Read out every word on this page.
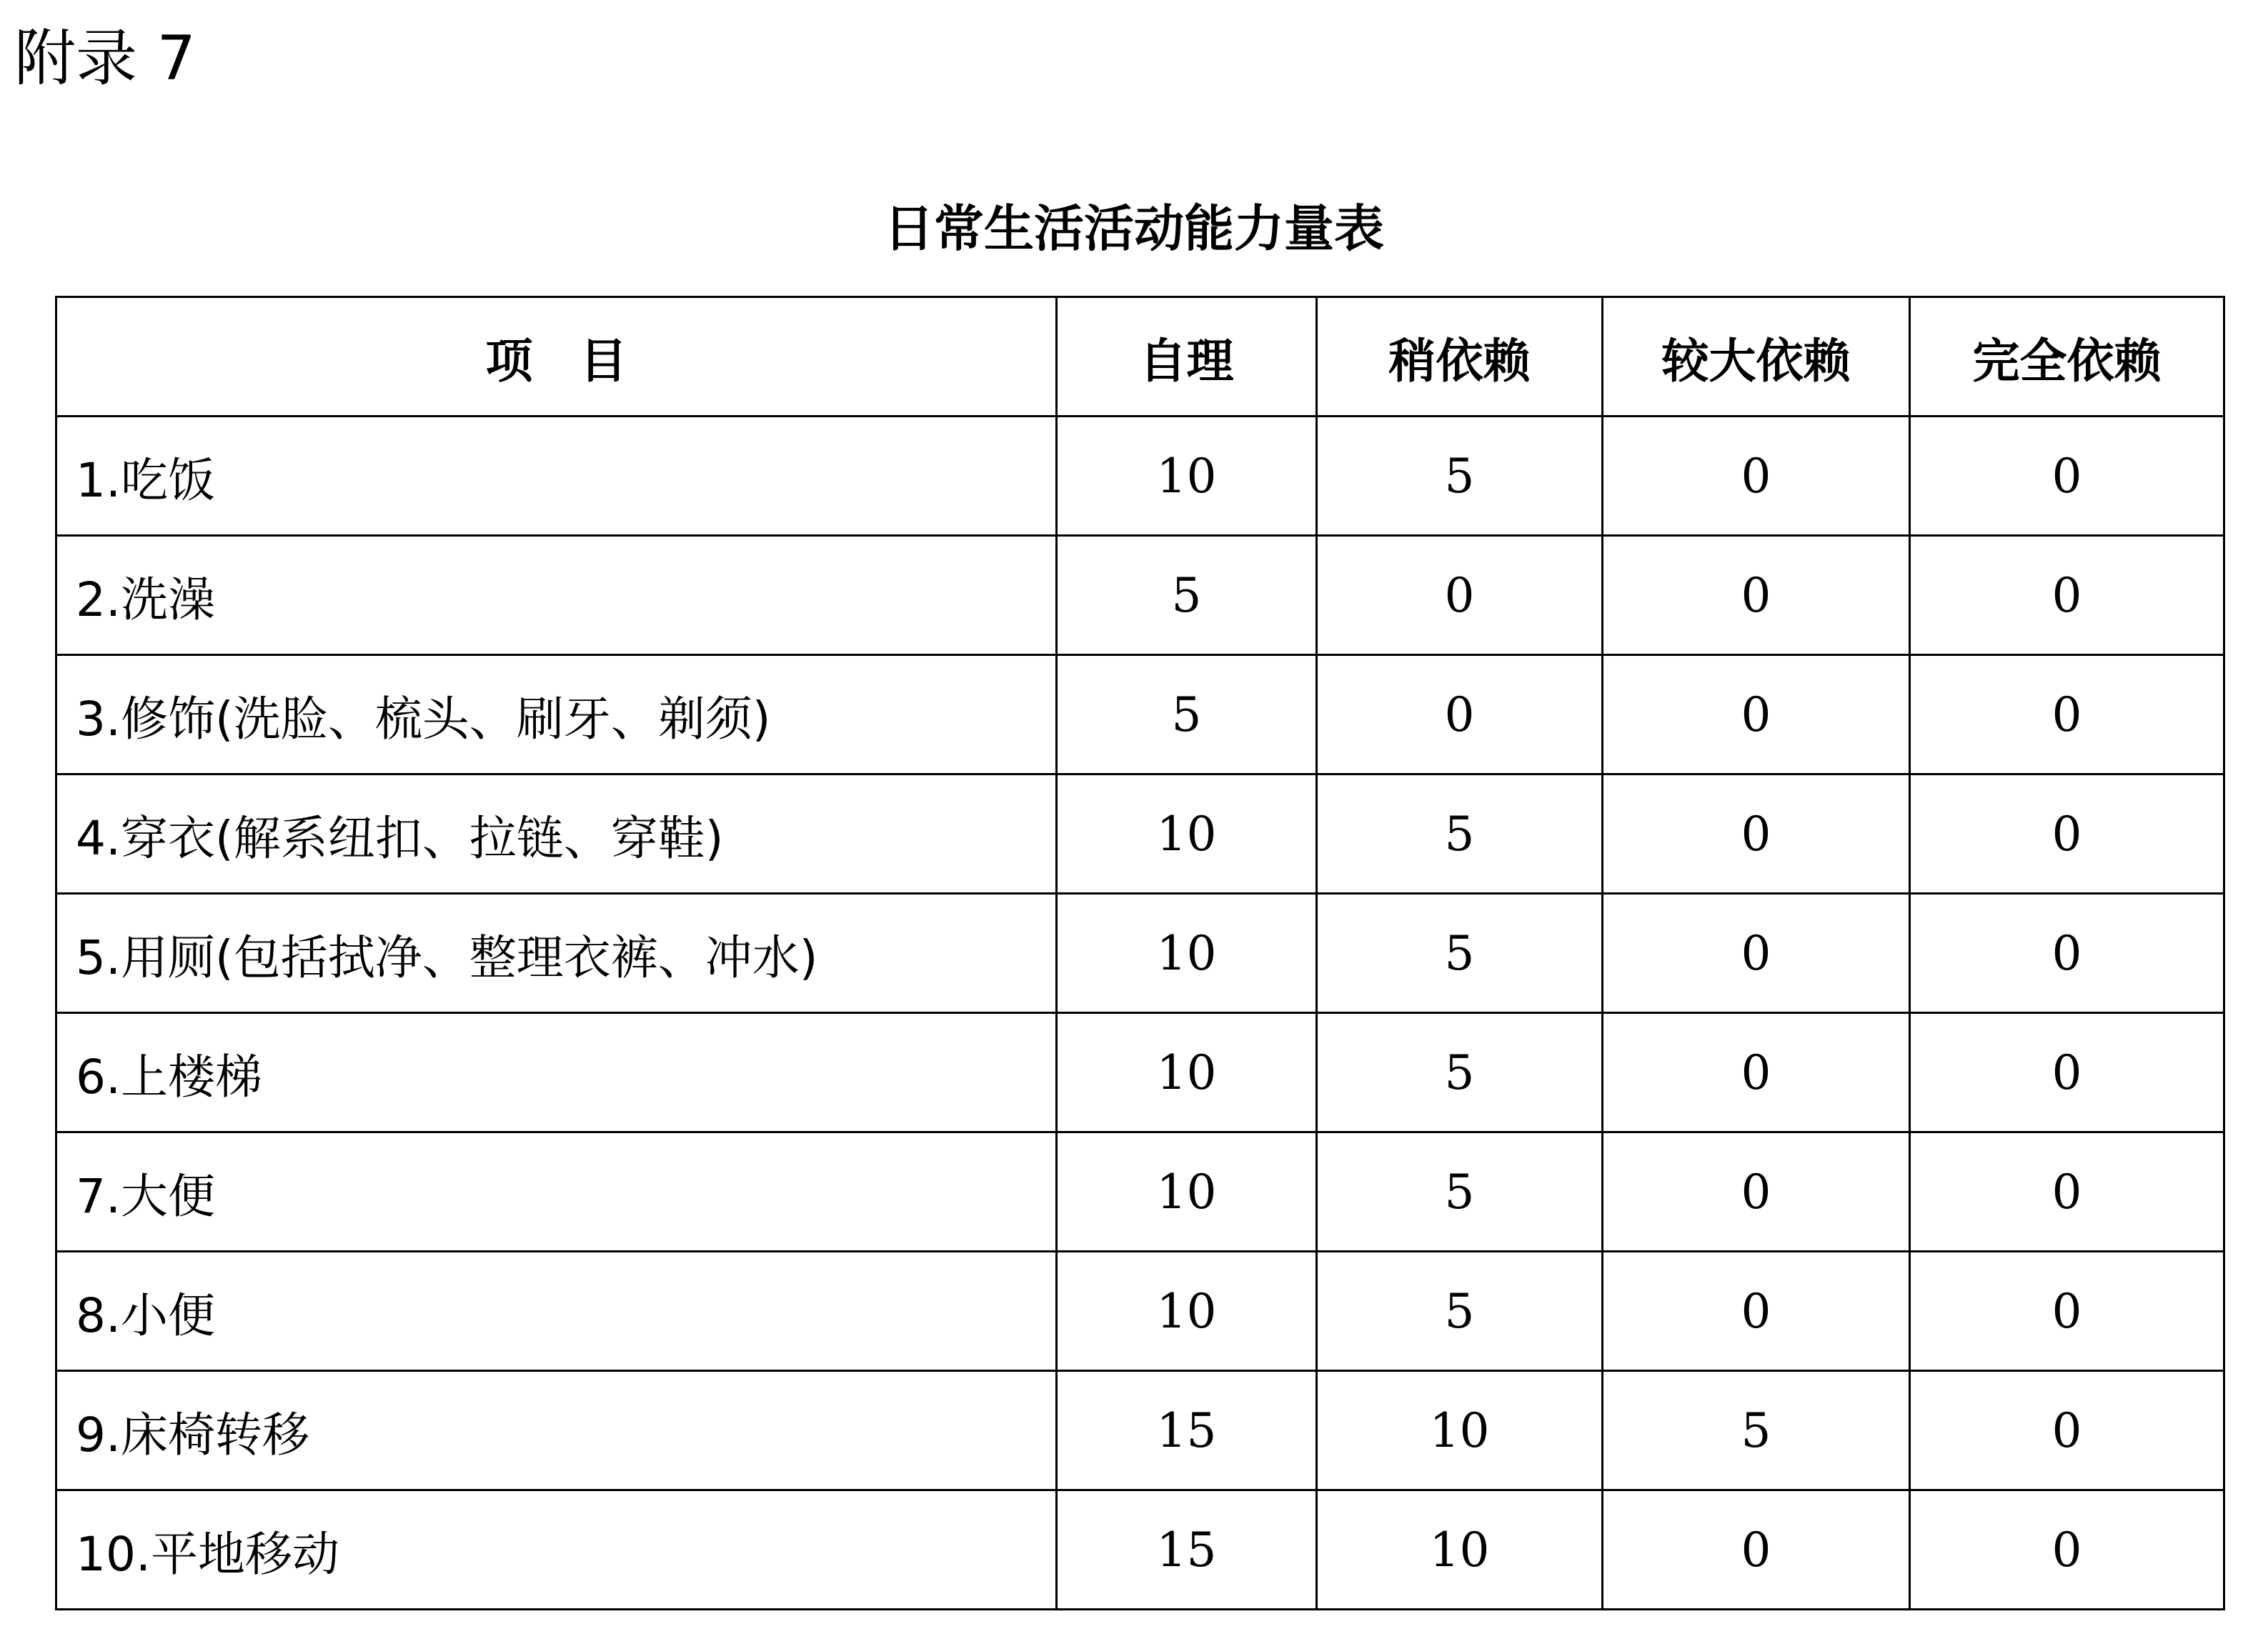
附录 7
日常生活活动能力量表
项　目	自理	稍依赖	较大依赖	完全依赖
1.吃饭	10	5	0	0
2.洗澡	5	0	0	0
3.修饰(洗脸、梳头、刷牙、剃须)	5	0	0	0
4.穿衣(解系纽扣、拉链、穿鞋)	10	5	0	0
5.用厕(包括拭净、整理衣裤、冲水)	10	5	0	0
6.上楼梯	10	5	0	0
7.大便	10	5	0	0
8.小便	10	5	0	0
9.床椅转移	15	10	5	0
10.平地移动	15	10	0	0
